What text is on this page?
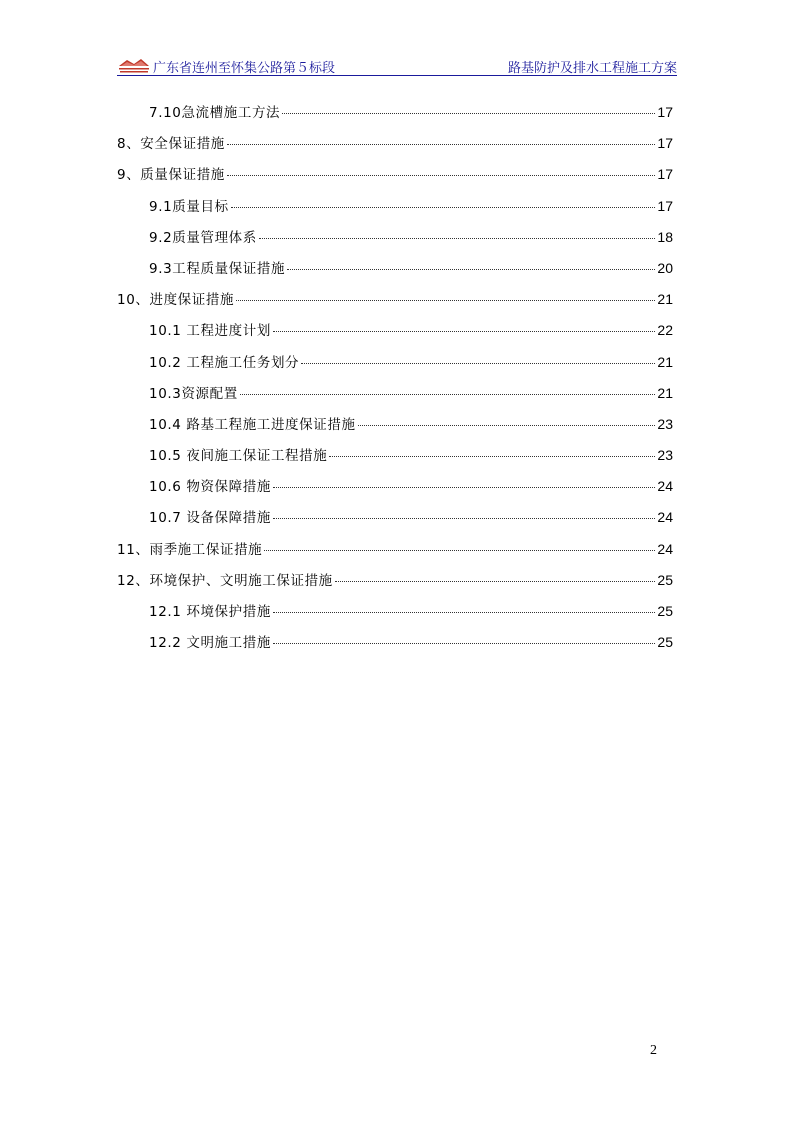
广东省连州至怀集公路第５标段	路基防护及排水工程施工方案
7.10急流槽施工方法	17
8、安全保证措施	17
9、质量保证措施	17
9.1质量目标	17
9.2质量管理体系	18
9.3工程质量保证措施	20
10、进度保证措施	21
10.1 工程进度计划	22
10.2 工程施工任务划分	21
10.3资源配置	21
10.4 路基工程施工进度保证措施	23
10.5 夜间施工保证工程措施	23
10.6 物资保障措施	24
10.7 设备保障措施	24
11、雨季施工保证措施	24
12、环境保护、文明施工保证措施	25
12.1 环境保护措施	25
12.2 文明施工措施	25
2
